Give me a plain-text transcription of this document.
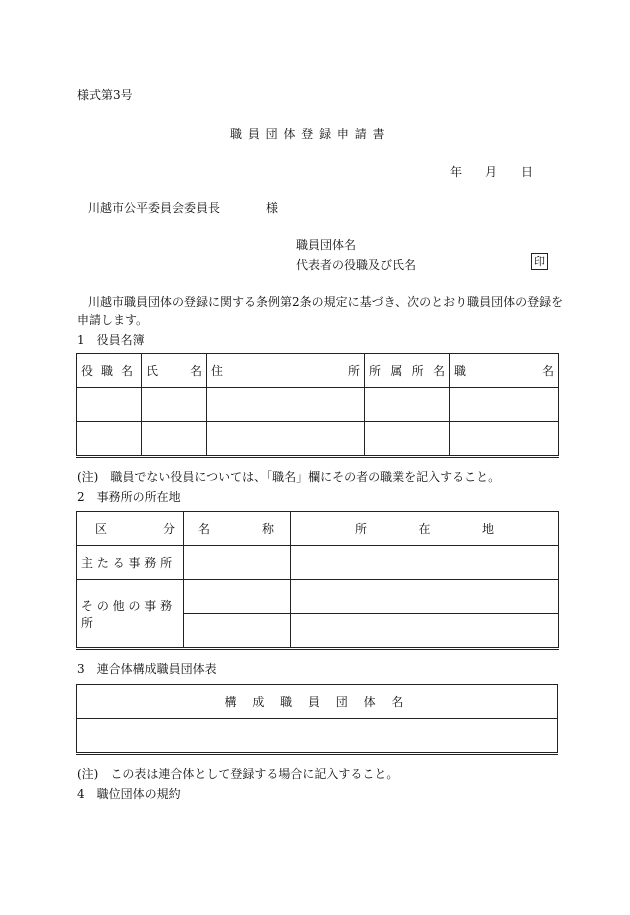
様式第3号
職 員 団 体 登 録 申 請 書
年 月 日
川越市公平委員会委員長	様
職員団体名
代表者の役職及び氏名	印
川越市職員団体の登録に関する条例第2条の規定に基づき、次のとおり職員団体の登録を
申請します。
1　役員名簿
役 職 名	氏 名	住 所	所 属 所 名	職 名

(注)　職員でない役員については、「職名」欄にその者の職業を記入すること。
2　事務所の所在地
区 分	名 称	所 在 地

主 た る 事 務 所		
そ の 他 の 事 務 所		

3　連合体構成職員団体表
構 成 職 員 団 体 名

(注)　この表は連合体として登録する場合に記入すること。
4　職位団体の規約
